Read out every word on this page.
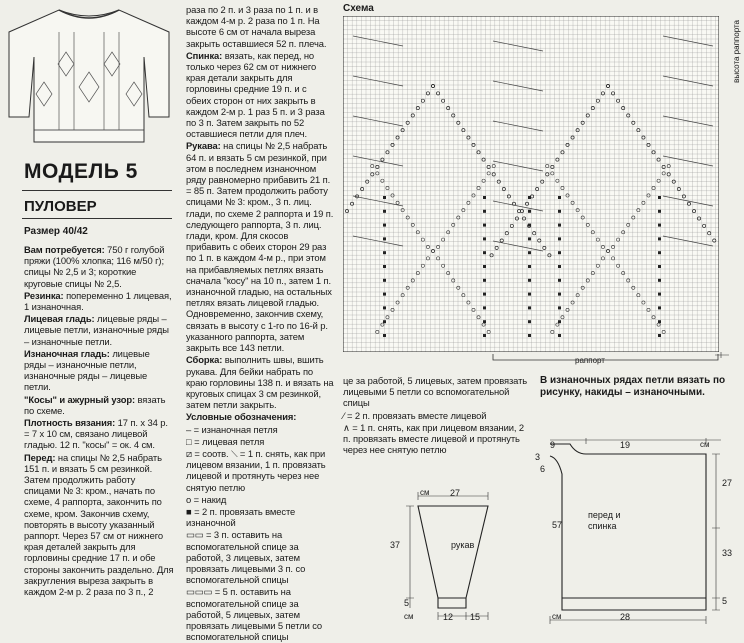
МОДЕЛЬ 5
ПУЛОВЕР
Размер 40/42

Вам потребуется: 750 г голубой пряжи (100% хлопка; 116 м/50 г); спицы № 2,5 и 3; короткие круговые спицы № 2,5.

Резинка: попеременно 1 лицевая, 1 изнаночная.

Лицевая гладь: лицевые ряды – лицевые петли, изнаночные ряды – изнаночные петли.

Изнаночная гладь: лицевые ряды – изнаночные петли, изнаночные ряды – лицевые петли.

"Косы" и ажурный узор: вязать по схеме.

Плотность вязания: 17 п. х 34 р. = 7 х 10 см, связано лицевой гладью. 12 п. "косы" = ок. 4 см.

Перед: на спицы № 2,5 набрать 151 п. и вязать 5 см резинкой. Затем продолжить работу спицами № 3: кром., начать по схеме, 4 раппорта, закончить по схеме, кром. Закончив схему, повторять в высоту указанный раппорт. Через 57 см от нижнего края деталей закрыть для горловины средние 17 п. и обе стороны закончить раздельно. Для закругления выреза закрыть в каждом 2-м р. 2 раза по 3 п., 2

раза по 2 п. и 3 раза по 1 п. и в каждом 4-м р. 2 раза по 1 п. На высоте 6 см от начала выреза закрыть оставшиеся 52 п. плеча.

Спинка: вязать, как перед, но только через 62 см от нижнего края детали закрыть для горловины средние 19 п. и с обеих сторон от них закрыть в каждом 2-м р. 1 раз 5 п. и 3 раза по 3 п. Затем закрыть по 52 оставшиеся петли для плеч.

Рукава: на спицы № 2,5 набрать 64 п. и вязать 5 см резинкой, при этом в последнем изнаночном ряду равномерно прибавить 21 п. = 85 п. Затем продолжить работу спицами № 3: кром., 3 п. лиц. глади, по схеме 2 раппорта и 19 п. следующего раппорта, 3 п. лиц. глади, кром. Для скосов прибавить с обеих сторон 29 раз по 1 п. в каждом 4-м р., при этом на прибавляемых петлях вязать сначала "косу" на 10 п., затем 1 п. изнаночной гладью, на остальных петлях вязать лицевой гладью. Одновременно, закончив схему, связать в высоту с 1-го по 16-й р. указанного раппорта, затем закрыть все 143 петли.

Сборка: выполнить швы, вшить рукава. Для бейки набрать по краю горловины 138 п. и вязать на круговых спицах 3 см резинкой, затем петли закрыть.

Условные обозначения:

– = изнаночная петля

□ = лицевая петля

⧄ = соотв. ⟍ = 1 п. снять, как при лицевом вязании, 1 п. провязать лицевой и протянуть через нее снятую петлю

o = накид

■ = 2 п. провязать вместе изнаночной

▭▭ = 3 п. оставить на вспомогательной спице за работой, 3 лицевых, затем провязать лицевыми 3 п. со вспомогательной спицы

▭▭▭ = 5 п. оставить на вспомогательной спице за работой, 5 лицевых, затем провязать лицевыми 5 петли со вспомогательной спицы

це за работой, 5 лицевых, затем провязать лицевыми 5 петли со вспомогательной спицы

⁄ = 2 п. провязать вместе лицевой

∧ = 1 п. снять, как при лицевом вязании, 2 п. провязать вместе лицевой и протянуть через нее снятую петлю

Схема
высота раппорта
раппорт
В изнаночных рядах петли вязать по рисунку, накиды – изнаночными.
см 27
37	рукав
5
см	12 15
9	19	см
3
6
27
57
перед и спинка
33
5
см	28
